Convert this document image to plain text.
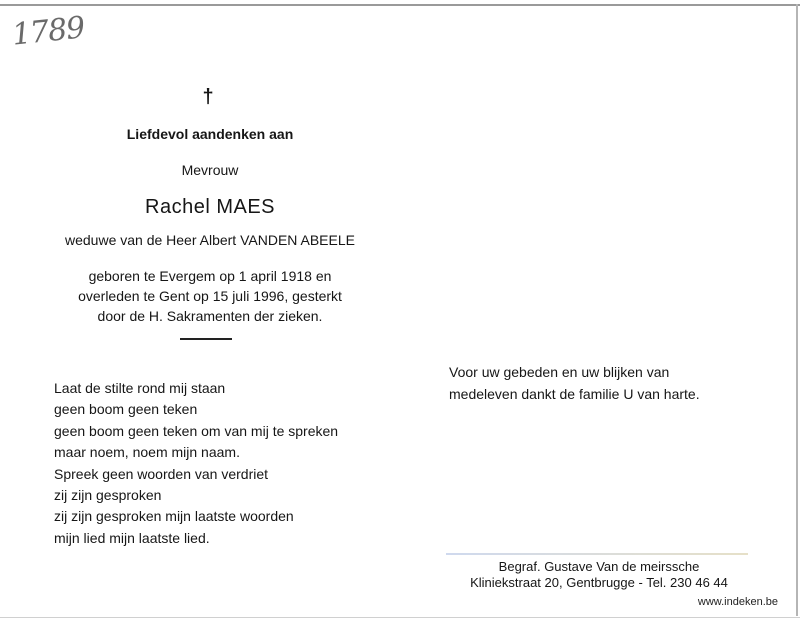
1789
†
Liefdevol aandenken aan
Mevrouw
Rachel MAES
weduwe van de Heer Albert VANDEN ABEELE
geboren te Evergem op 1 april 1918 en
overleden te Gent op 15 juli 1996, gesterkt
door de H. Sakramenten der zieken.
Laat de stilte rond mij staan
geen boom geen teken
geen boom geen teken om van mij te spreken
maar noem, noem mijn naam.
Spreek geen woorden van verdriet
zij zijn gesproken
zij zijn gesproken mijn laatste woorden
mijn lied mijn laatste lied.
Voor uw gebeden en uw blijken van
medeleven dankt de familie U van harte.
Begraf. Gustave Van de meirssche
Kliniekstraat 20, Gentbrugge - Tel. 230 46 44
www.indeken.be
